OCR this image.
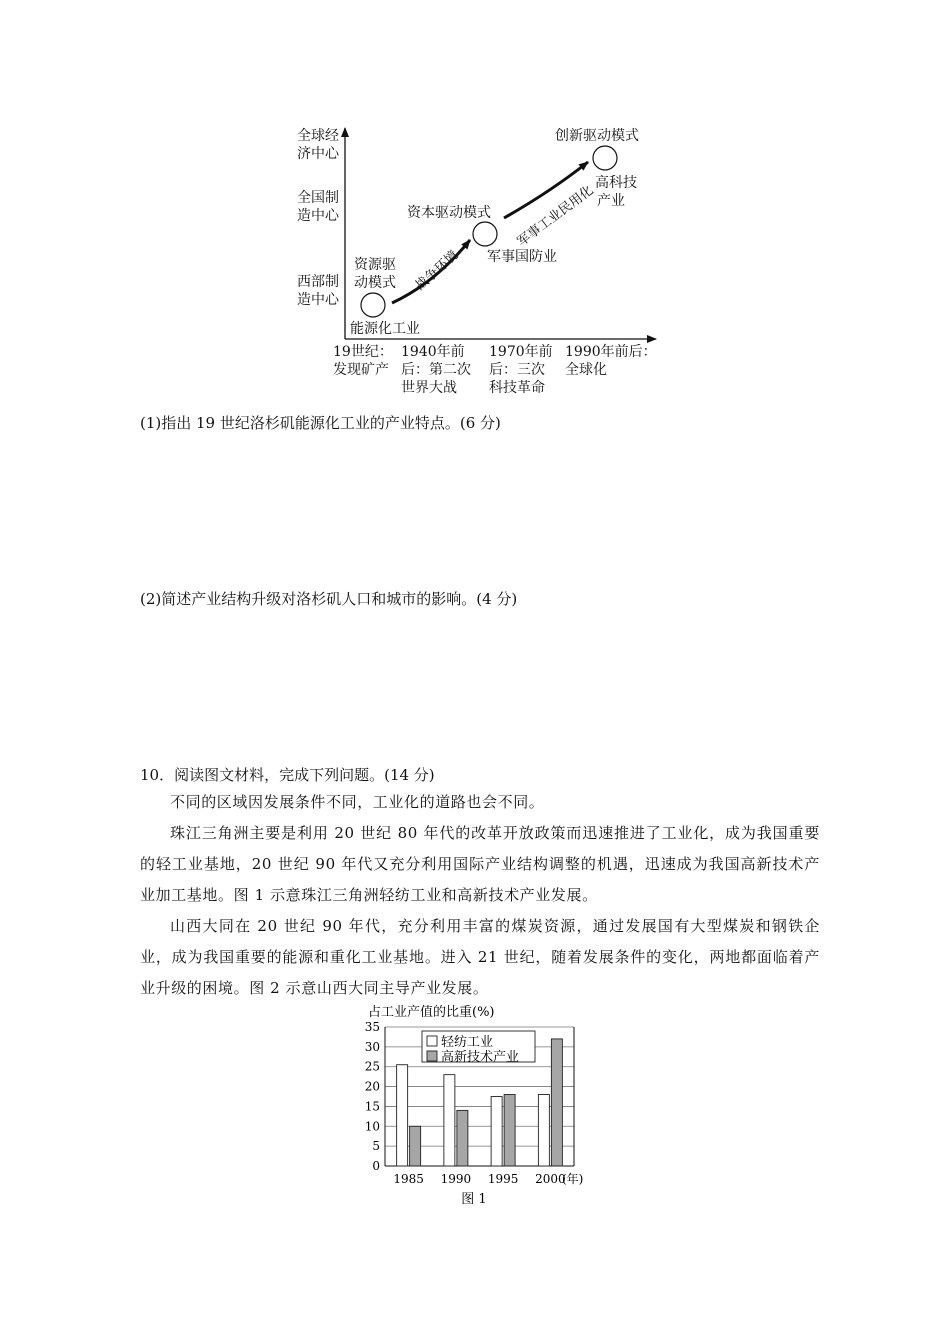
全球经
济中心
全国制
造中心
西部制
造中心
19世纪：
发现矿产
1940年前
后：第二次
世界大战
1970年前
后：三次
科技革命
1990年前后：
全球化
资源驱
动模式
能源化工业
资本驱动模式
军事国防业
创新驱动模式
高科技
产业
战争环境
军事工业民用化
(1)指出 19 世纪洛杉矶能源化工业的产业特点。(6 分)
(2)简述产业结构升级对洛杉矶人口和城市的影响。(4 分)
10．阅读图文材料，完成下列问题。(14 分)

不同的区域因发展条件不同，工业化的道路也会不同。

珠江三角洲主要是利用 20 世纪 80 年代的改革开放政策而迅速推进了工业化，成为我国重要的轻工业基地，20 世纪 90 年代又充分利用国际产业结构调整的机遇，迅速成为我国高新技术产业加工基地。图 1 示意珠江三角洲轻纺工业和高新技术产业发展。

山西大同在 20 世纪 90 年代，充分利用丰富的煤炭资源，通过发展国有大型煤炭和钢铁企业，成为我国重要的能源和重化工业基地。进入 21 世纪，随着发展条件的变化，两地都面临着产业升级的困境。图 2 示意山西大同主导产业发展。

占工业产值的比重(%)
0
5
10
15
20
25
30
35
1985 1990 1995 2000
(年)
轻纺工业
高新技术产业
图 1
